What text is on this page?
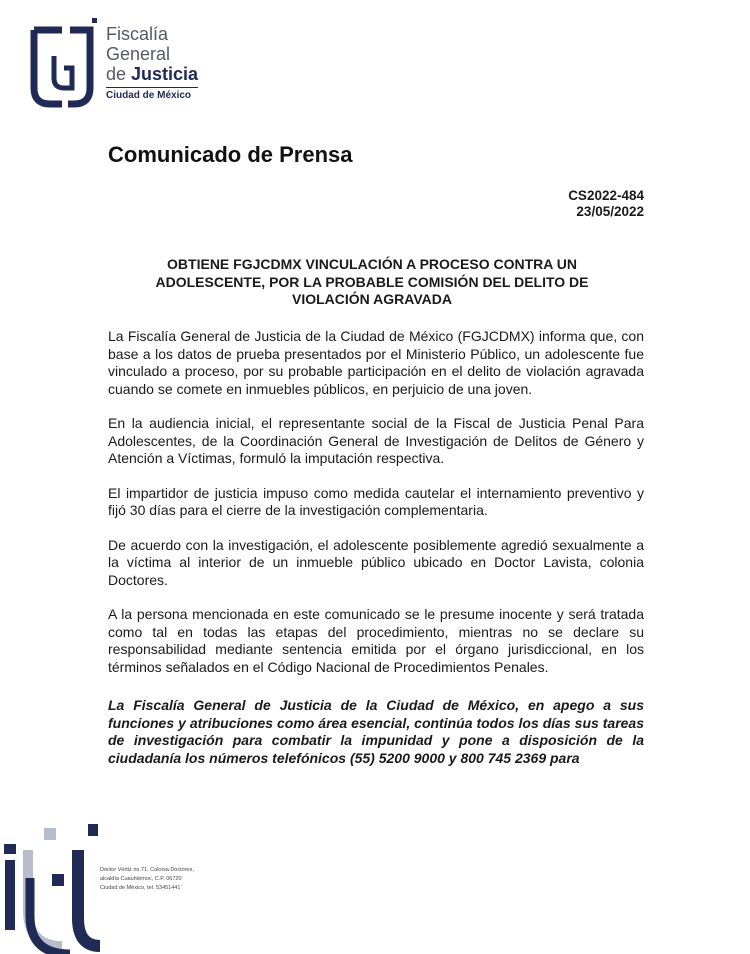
Fiscalía
General
de Justicia
Ciudad de México
Comunicado de Prensa
CS2022-484
23/05/2022
OBTIENE FGJCDMX VINCULACIÓN A PROCESO CONTRA UN ADOLESCENTE, POR LA PROBABLE COMISIÓN DEL DELITO DE VIOLACIÓN AGRAVADA

La Fiscalía General de Justicia de la Ciudad de México (FGJCDMX) informa que, con base a los datos de prueba presentados por el Ministerio Público, un adolescente fue vinculado a proceso, por su probable participación en el delito de violación agravada cuando se comete en inmuebles públicos, en perjuicio de una joven.

En la audiencia inicial, el representante social de la Fiscal de Justicia Penal Para Adolescentes, de la Coordinación General de Investigación de Delitos de Género y Atención a Víctimas, formuló la imputación respectiva.

El impartidor de justicia impuso como medida cautelar el internamiento preventivo y fijó 30 días para el cierre de la investigación complementaria.

De acuerdo con la investigación, el adolescente posiblemente agredió sexualmente a la víctima al interior de un inmueble público ubicado en Doctor Lavista, colonia Doctores.

A la persona mencionada en este comunicado se le presume inocente y será tratada como tal en todas las etapas del procedimiento, mientras no se declare su responsabilidad mediante sentencia emitida por el órgano jurisdiccional, en los términos señalados en el Código Nacional de Procedimientos Penales.

La Fiscalía General de Justicia de la Ciudad de México, en apego a sus funciones y atribuciones como área esencial, continúa todos los días sus tareas de investigación para combatir la impunidad y pone a disposición de la ciudadanía los números telefónicos (55) 5200 9000 y 800 745 2369 para

Doctor Vértiz no.71, Colonia Doctores,
alcaldía Cuauhtémoc, C.P. 06720
Ciudad de México, tel. 53451441
